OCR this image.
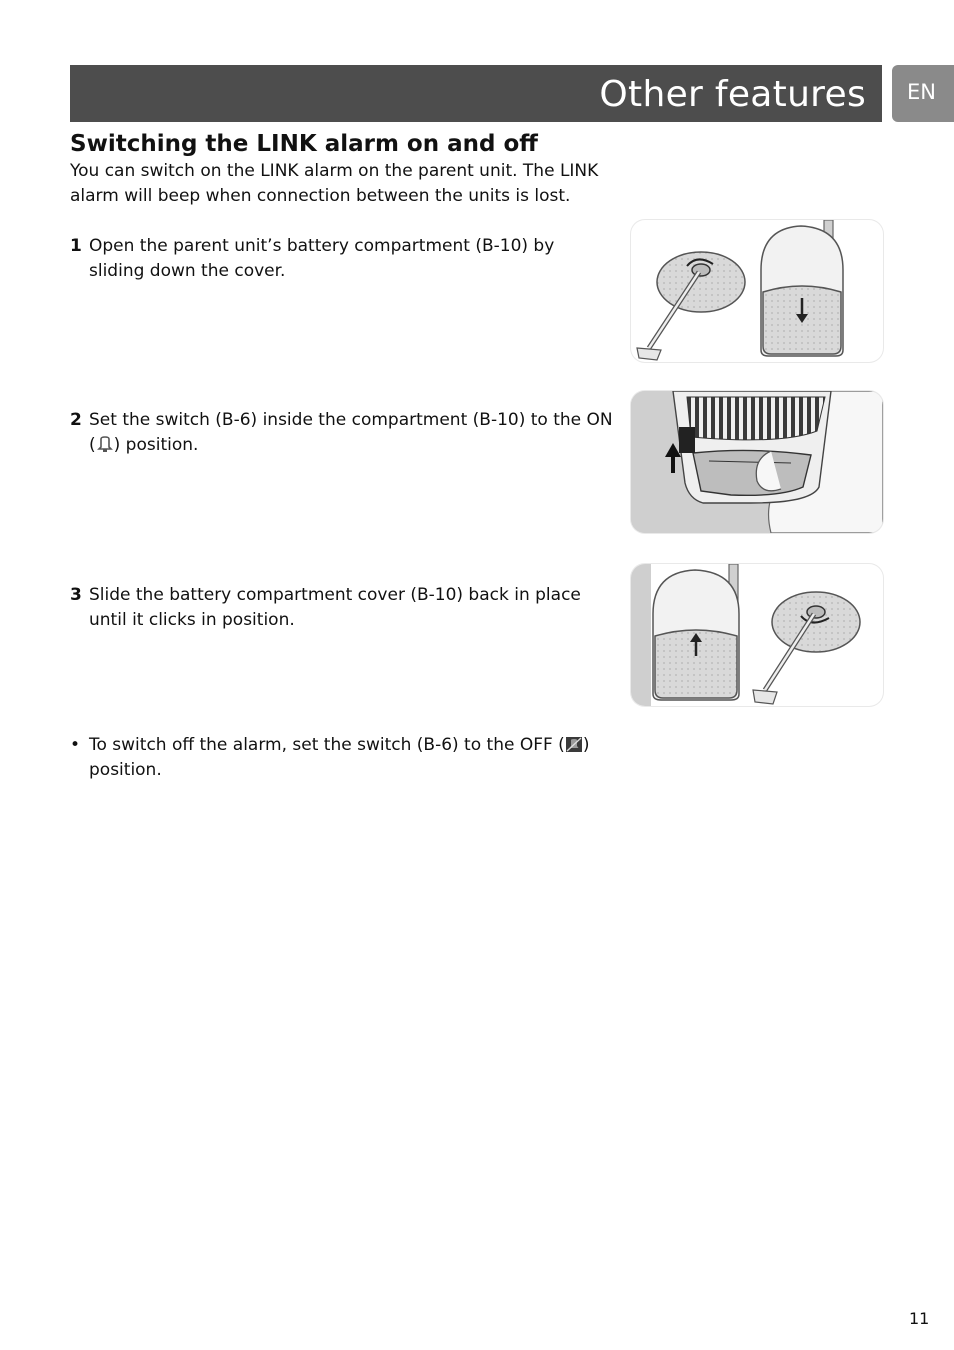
Other features EN
Switching the LINK alarm on and off

You can switch on the LINK alarm on the parent unit. The LINK alarm will beep when connection between the units is lost.

1 Open the parent unit’s battery compartment (B-10) by sliding down the cover.
2 Set the switch (B-6) inside the compartment (B-10) to the ON ( ) position.
3 Slide the battery compartment cover (B-10) back in place until it clicks in position.
• To switch off the alarm, set the switch (B-6) to the OFF ( ) position.
11
